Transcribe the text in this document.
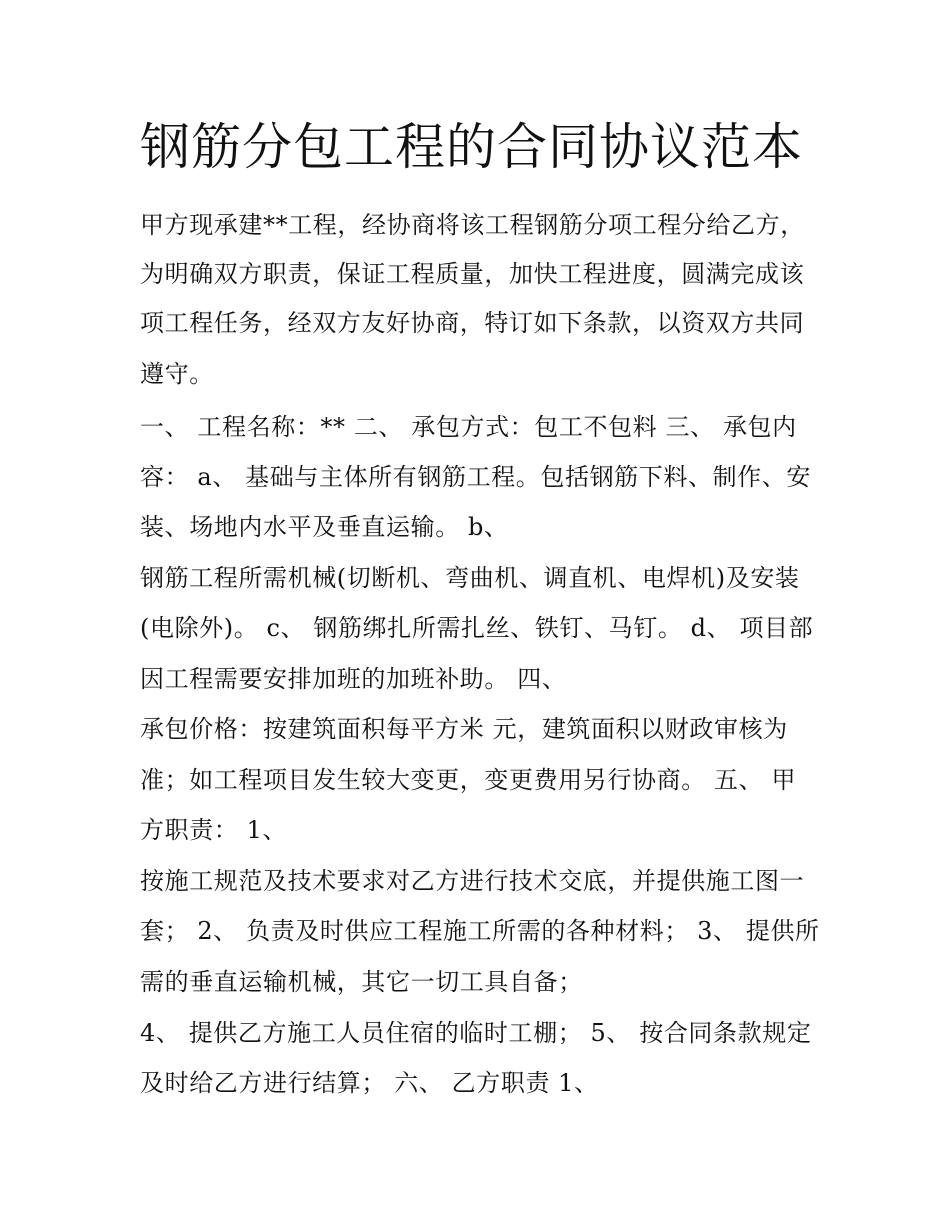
钢筋分包工程的合同协议范本
甲方现承建**工程，经协商将该工程钢筋分项工程分给乙方，
为明确双方职责，保证工程质量，加快工程进度，圆满完成该
项工程任务，经双方友好协商，特订如下条款，以资双方共同
遵守。
一、 工程名称：** 二、 承包方式：包工不包料 三、 承包内
容： a、 基础与主体所有钢筋工程。包括钢筋下料、制作、安
装、场地内水平及垂直运输。 b、
钢筋工程所需机械(切断机、弯曲机、调直机、电焊机)及安装
(电除外)。 c、 钢筋绑扎所需扎丝、铁钉、马钉。 d、 项目部
因工程需要安排加班的加班补助。 四、
承包价格：按建筑面积每平方米 元，建筑面积以财政审核为
准；如工程项目发生较大变更，变更费用另行协商。 五、 甲
方职责： 1、
按施工规范及技术要求对乙方进行技术交底，并提供施工图一
套； 2、 负责及时供应工程施工所需的各种材料； 3、 提供所
需的垂直运输机械，其它一切工具自备；
4、 提供乙方施工人员住宿的临时工棚； 5、 按合同条款规定
及时给乙方进行结算； 六、 乙方职责 1、
